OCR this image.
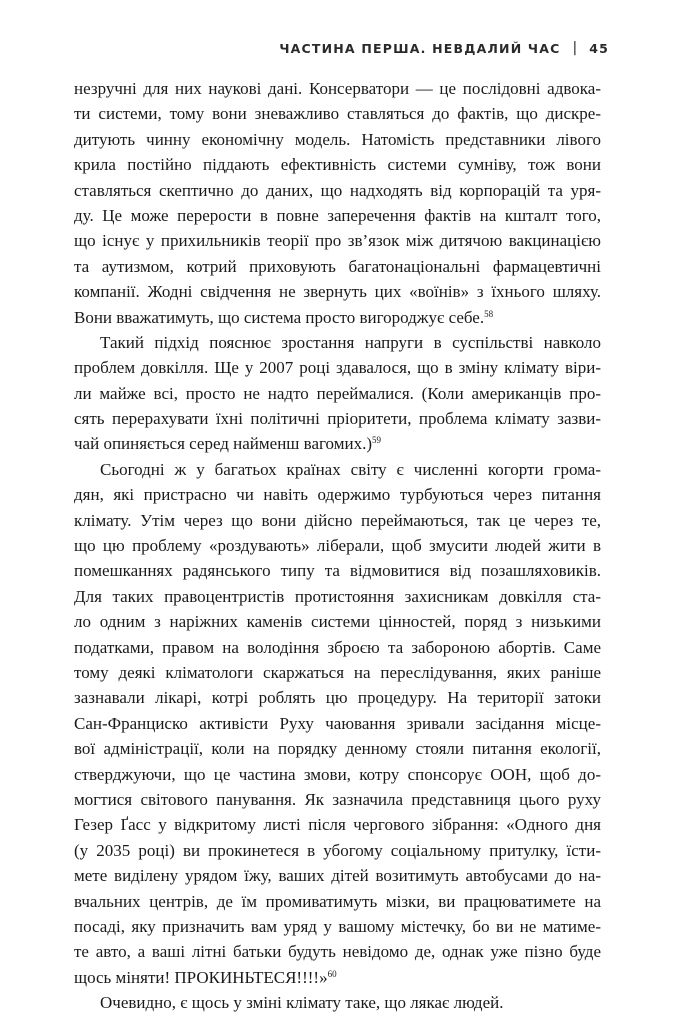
ЧАСТИНА ПЕРША. НЕВДАЛИЙ ЧАС | 45
незручні для них наукові дані. Консерватори — це послідовні адвока-
ти системи, тому вони зневажливо ставляться до фактів, що дискре-
дитують чинну економічну модель. Натомість представники лівого
крила постійно піддають ефективність системи сумніву, тож вони
ставляться скептично до даних, що надходять від корпорацій та уря-
ду. Це може перерости в повне заперечення фактів на кшталт того,
що існує у прихильників теорії про зв’язок між дитячою вакцинацією
та аутизмом, котрий приховують багатонаціональні фармацевтичні
компанії. Жодні свідчення не звернуть цих «воїнів» з їхнього шляху.
Вони вважатимуть, що система просто вигороджує себе.$^{58}$
Такий підхід пояснює зростання напруги в суспільстві навколо
проблем довкілля. Ще у 2007 році здавалося, що в зміну клімату віри-
ли майже всі, просто не надто переймалися. (Коли американців про-
сять перерахувати їхні політичні пріоритети, проблема клімату зазви-
чай опиняється серед найменш вагомих.)$^{59}$
Сьогодні ж у багатьох країнах світу є численні когорти грома-
дян, які пристрасно чи навіть одержимо турбуються через питання
клімату. Утім через що вони дійсно переймаються, так це через те,
що цю проблему «роздувають» ліберали, щоб змусити людей жити в
помешканнях радянського типу та відмовитися від позашляховиків.
Для таких правоцентристів протистояння захисникам довкілля ста-
ло одним з наріжних каменів системи цінностей, поряд з низькими
податками, правом на володіння зброєю та забороною абортів. Саме
тому деякі кліматологи скаржаться на переслідування, яких раніше
зазнавали лікарі, котрі роблять цю процедуру. На території затоки
Сан-Франциско активісти Руху чаювання зривали засідання місце-
вої адміністрації, коли на порядку денному стояли питання екології,
стверджуючи, що це частина змови, котру спонсорує ООН, щоб до-
могтися світового панування. Як зазначила представниця цього руху
Гезер Ґасс у відкритому листі після чергового зібрання: «Одного дня
(у 2035 році) ви прокинетеся в убогому соціальному притулку, їсти-
мете виділену урядом їжу, ваших дітей возитимуть автобусами до на-
вчальних центрів, де їм промиватимуть мізки, ви працюватимете на
посаді, яку призначить вам уряд у вашому містечку, бо ви не матиме-
те авто, а ваші літні батьки будуть невідомо де, однак уже пізно буде
щось міняти! ПРОКИНЬТЕСЯ!!!!»$^{60}$
Очевидно, є щось у зміні клімату таке, що лякає людей.
